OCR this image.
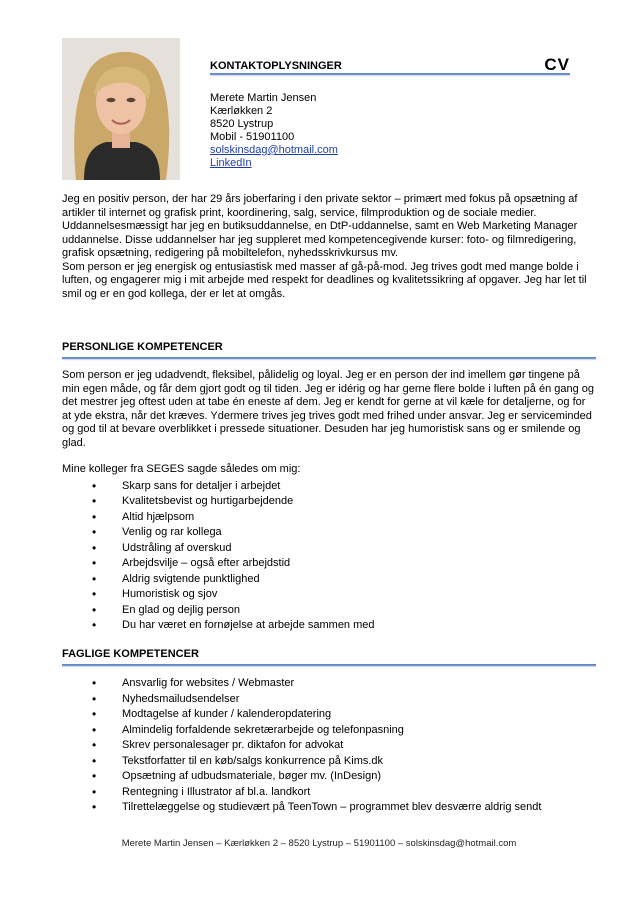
KONTAKTOPLYSNINGER	CV
Merete Martin Jensen
Kærløkken 2
8520 Lystrup
Mobil - 51901100
solskinsdag@hotmail.com
LinkedIn

Jeg en positiv person, der har 29 års joberfaring i den private sektor – primært med fokus på opsætning af artikler til internet og grafisk print, koordinering, salg, service, filmproduktion og de sociale medier.

Uddannelsesmæssigt har jeg en butiksuddannelse, en DtP-uddannelse, samt en Web Marketing Manager uddannelse. Disse uddannelser har jeg suppleret med kompetencegivende kurser: foto- og filmredigering, grafisk opsætning, redigering på mobiltelefon, nyhedsskrivkursus mv.

Som person er jeg energisk og entusiastisk med masser af gå-på-mod. Jeg trives godt med mange bolde i luften, og engagerer mig i mit arbejde med respekt for deadlines og kvalitetssikring af opgaver. Jeg har let til smil og er en god kollega, der er let at omgås.

PERSONLIGE KOMPETENCER

Som person er jeg udadvendt, fleksibel, pålidelig og loyal. Jeg er en person der ind imellem gør tingene på min egen måde, og får dem gjort godt og til tiden. Jeg er idérig og har gerne flere bolde i luften på én gang og det mestrer jeg oftest uden at tabe én eneste af dem. Jeg er kendt for gerne at vil kæle for detaljerne, og for at yde ekstra, når det kræves. Ydermere trives jeg trives godt med frihed under ansvar. Jeg er serviceminded og god til at bevare overblikket i pressede situationer. Desuden har jeg humoristisk sans og er smilende og glad.

Mine kolleger fra SEGES sagde således om mig:

• Skarp sans for detaljer i arbejdet
• Kvalitetsbevist og hurtigarbejdende
• Altid hjælpsom
• Venlig og rar kollega
• Udstråling af overskud
• Arbejdsvilje – også efter arbejdstid
• Aldrig svigtende punktlighed
• Humoristisk og sjov
• En glad og dejlig person
• Du har været en fornøjelse at arbejde sammen med
FAGLIGE KOMPETENCER
• Ansvarlig for websites / Webmaster
• Nyhedsmailudsendelser
• Modtagelse af kunder / kalenderopdatering
• Almindelig forfaldende sekretærarbejde og telefonpasning
• Skrev personalesager pr. diktafon for advokat
• Tekstforfatter til en køb/salgs konkurrence på Kims.dk
• Opsætning af udbudsmateriale, bøger mv. (InDesign)
• Rentegning i Illustrator af bl.a. landkort
• Tilrettelæggelse og studievært på TeenTown – programmet blev desværre aldrig sendt
Merete Martin Jensen – Kærløkken 2 – 8520 Lystrup – 51901100 – solskinsdag@hotmail.com
